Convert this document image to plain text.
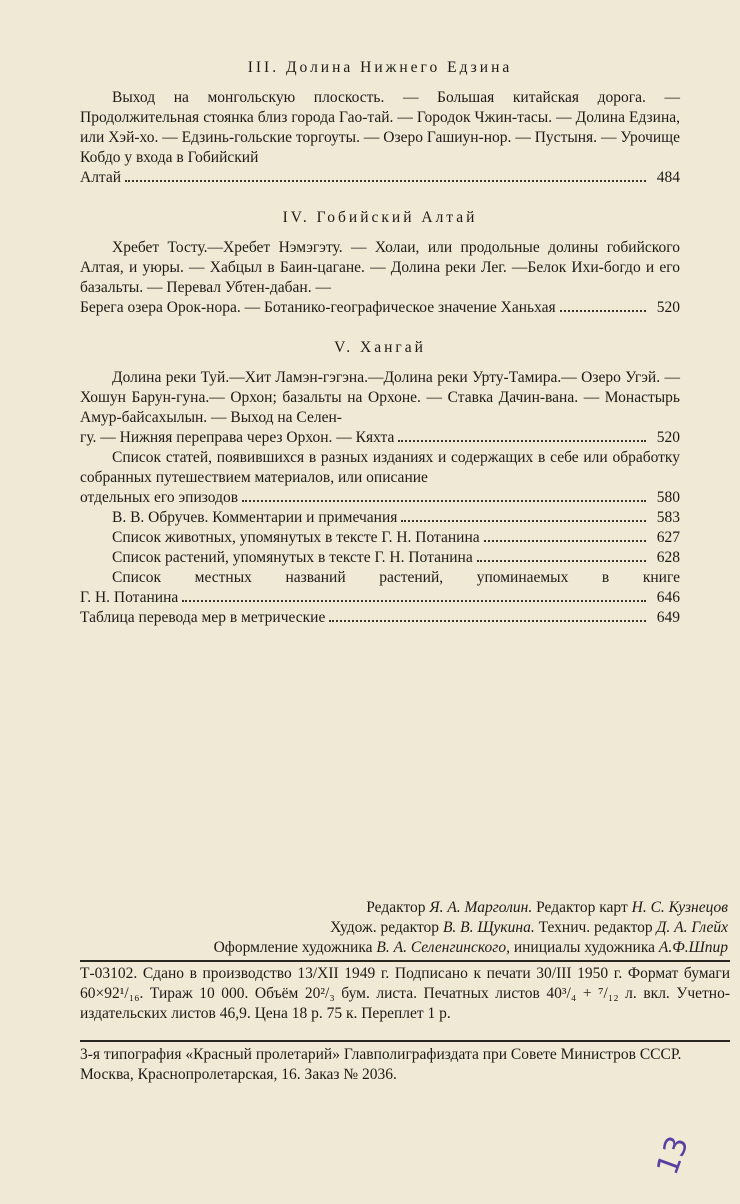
III. Долина Нижнего Едзина

Выход на монгольскую плоскость. — Большая китайская дорога. — Продолжительная стоянка близ города Гао-тай. — Городок Чжин-тасы. — Долина Едзина, или Хэй-хо. — Едзинь-гольские торгоуты. — Озеро Гашиун-нор. — Пустыня. — Урочище Кобдо у входа в Гобийский

Алтай	484
IV. Гобийский Алтай

Хребет Тосту.—Хребет Нэмэгэту. — Холаи, или продольные долины гобийского Алтая, и уюры. — Хабцыл в Баин-цагане. — Долина реки Лег. —Белок Ихи-богдо и его базальты. — Перевал Убтен-дабан. —

Берега озера Орок-нора. — Ботанико-географическое значение Ханьхая	520
V. Хангай

Долина реки Туй.—Хит Ламэн-гэгэна.—Долина реки Урту-Тамира.— Озеро Угэй. — Хошун Барун-гуна.— Орхон; базальты на Орхоне. — Ставка Дачин-вана. — Монастырь Амур-байсахылын. — Выход на Селен-

гу. — Нижняя переправа через Орхон. — Кяхта	520

Список статей, появившихся в разных изданиях и содержащих в себе или обработку собранных путешествием материалов, или описание

отдельных его эпизодов	580
В. В. Обручев. Комментарии и примечания	583
Список животных, упомянутых в тексте Г. Н. Потанина	627
Список растений, упомянутых в тексте Г. Н. Потанина	628

Список местных названий растений, упоминаемых в книге

Г. Н. Потанина	646
Таблица перевода мер в метрические	649
Редактор Я. А. Марголин. Редактор карт Н. С. Кузнецов
Худож. редактор В. В. Щукина. Технич. редактор Д. А. Глейх
Оформление художника В. А. Селенгинского, инициалы художника А.Ф.Шпир

Т-03102. Сдано в производство 13/XII 1949 г. Подписано к печати 30/III 1950 г. Формат бумаги 60×92¹/₁₆. Тираж 10 000. Объём 20²/₃ бум. листа. Печатных листов 40³/₄ + ⁷/₁₂ л. вкл. Учетно-издательских листов 46,9. Цена 18 р. 75 к. Переплет 1 р.

3-я типография «Красный пролетарий» Главполиграфиздата при Совете Министров СССР. Москва, Краснопролетарская, 16. Заказ № 2036.

13
